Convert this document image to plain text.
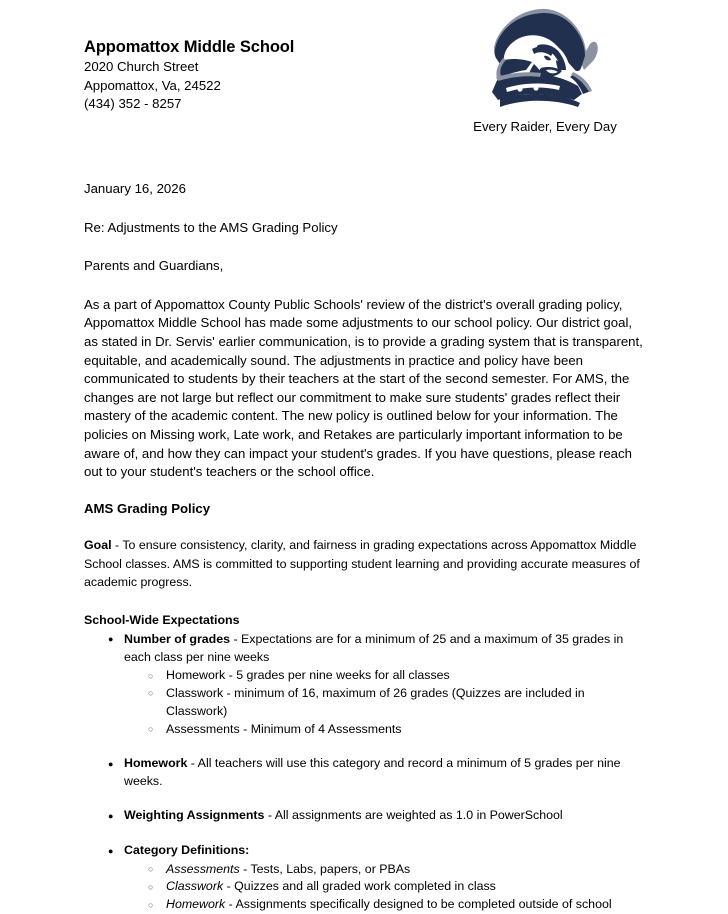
Appomattox Middle School
2020 Church Street
Appomattox, Va, 24522
(434) 352 - 8257
Every Raider, Every Day
January 16, 2026
Re: Adjustments to the AMS Grading Policy
Parents and Guardians,

As a part of Appomattox County Public Schools' review of the district's overall grading policy, Appomattox Middle School has made some adjustments to our school policy. Our district goal, as stated in Dr. Servis' earlier communication, is to provide a grading system that is transparent, equitable, and academically sound. The adjustments in practice and policy have been communicated to students by their teachers at the start of the second semester. For AMS, the changes are not large but reflect our commitment to make sure students' grades reflect their mastery of the academic content. The new policy is outlined below for your information. The policies on Missing work, Late work, and Retakes are particularly important information to be aware of, and how they can impact your student's grades. If you have questions, please reach out to your student's teachers or the school office.

AMS Grading Policy

Goal - To ensure consistency, clarity, and fairness in grading expectations across Appomattox Middle School classes. AMS is committed to supporting student learning and providing accurate measures of academic progress.

School-Wide Expectations

● Number of grades - Expectations are for a minimum of 25 and a maximum of 35 grades in each class per nine weeks
○ Homework - 5 grades per nine weeks for all classes
○ Classwork - minimum of 16, maximum of 26 grades (Quizzes are included in Classwork)
○ Assessments - Minimum of 4 Assessments
● Homework - All teachers will use this category and record a minimum of 5 grades per nine weeks.
● Weighting Assignments - All assignments are weighted as 1.0 in PowerSchool
● Category Definitions:
○ Assessments - Tests, Labs, papers, or PBAs
○ Classwork - Quizzes and all graded work completed in class
○ Homework - Assignments specifically designed to be completed outside of school
